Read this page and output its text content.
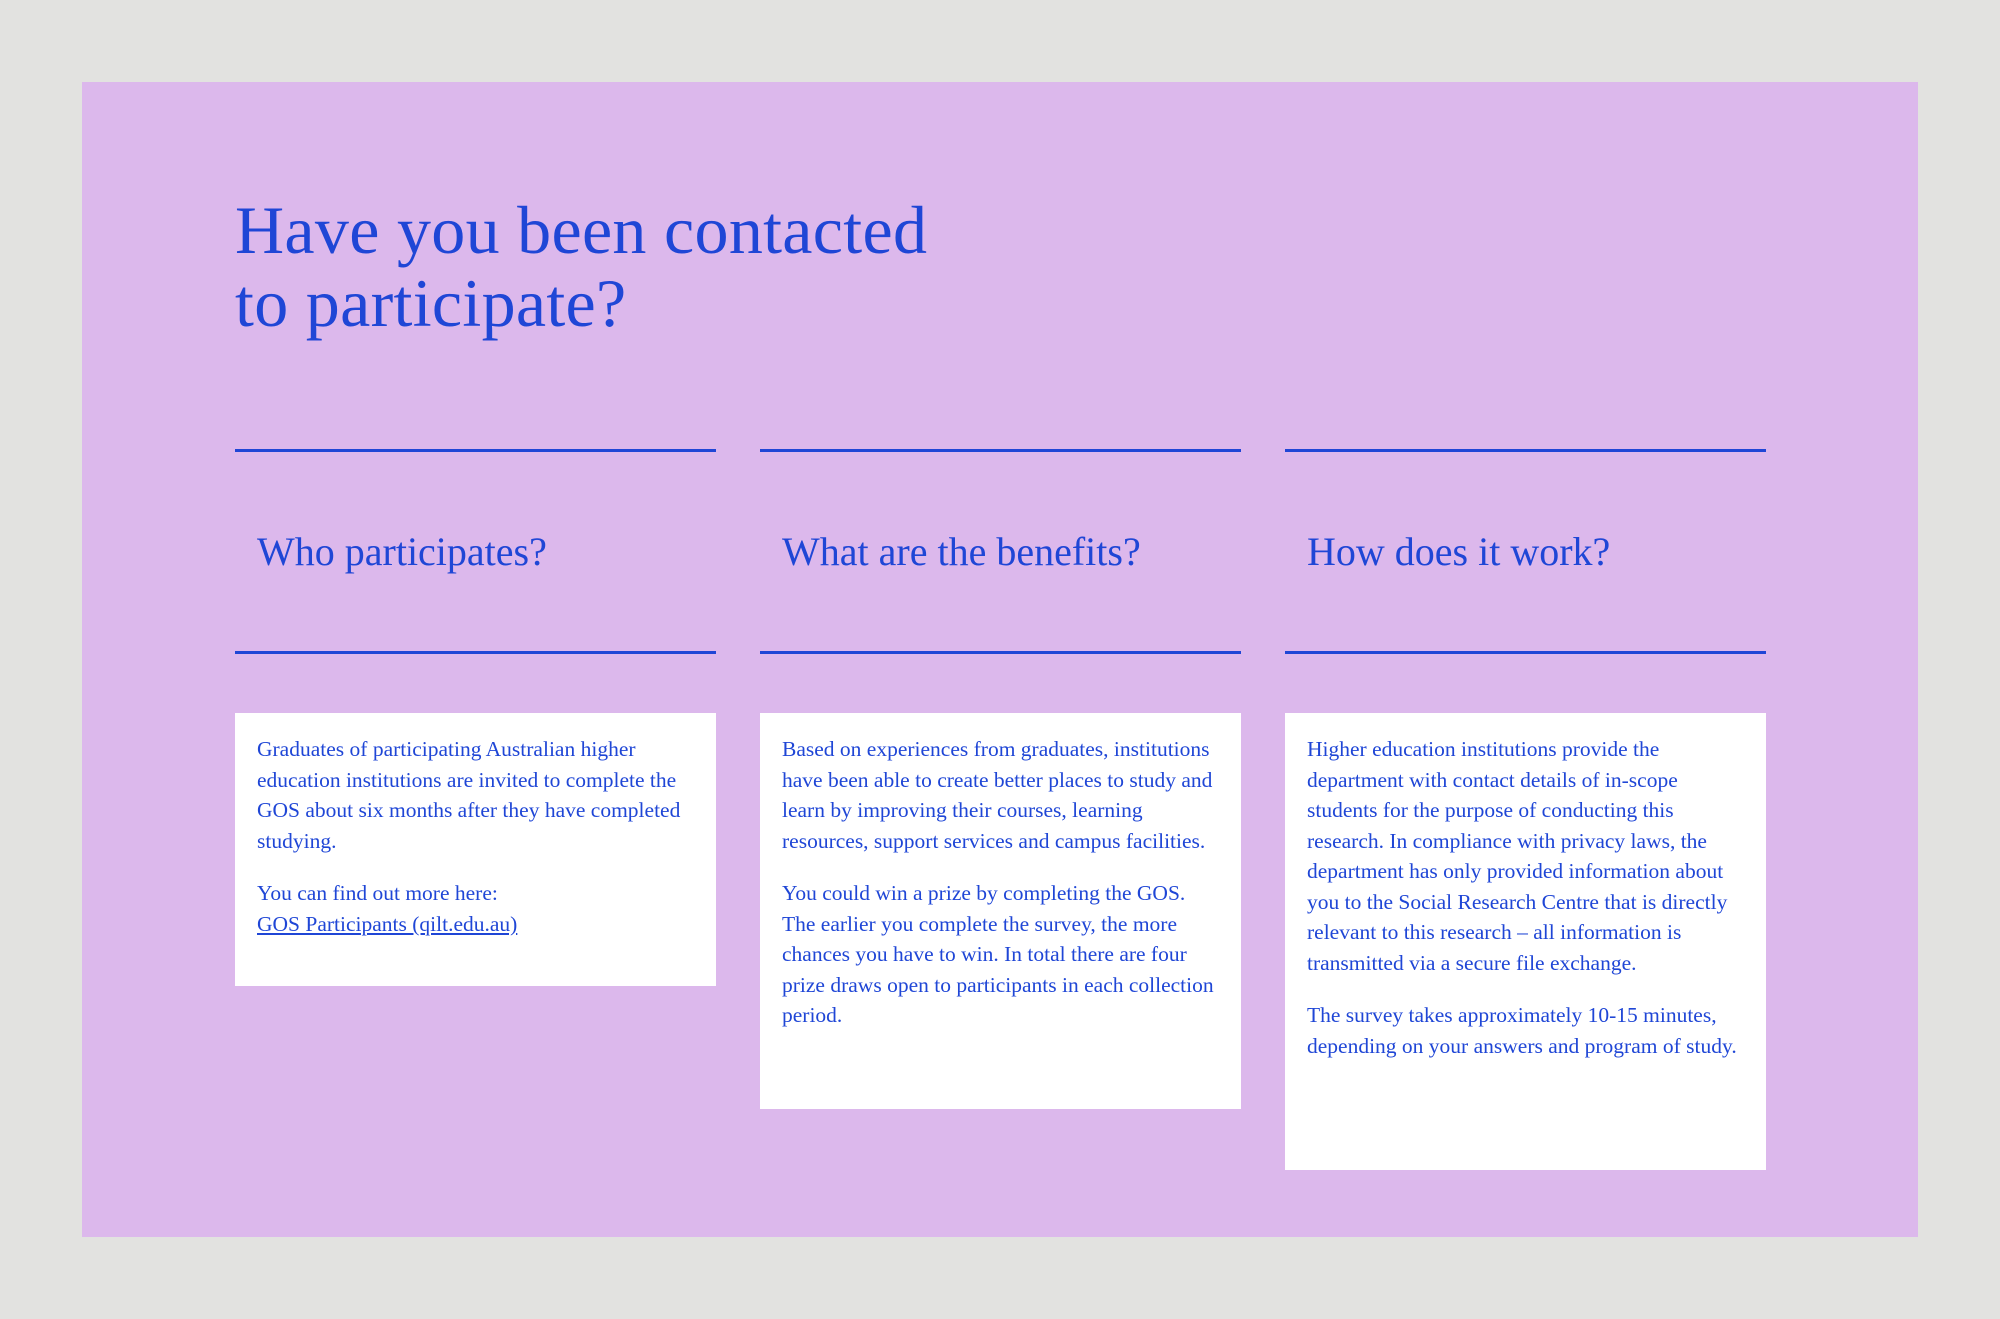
Have you been contacted
to participate?
Who participates?

Graduates of participating Australian higher education institutions are invited to complete the GOS about six months after they have completed studying.

You can find out more here:
GOS Participants (qilt.edu.au)

What are the benefits?

Based on experiences from graduates, institutions have been able to create better places to study and learn by improving their courses, learning resources, support services and campus facilities.

You could win a prize by completing the GOS. The earlier you complete the survey, the more chances you have to win. In total there are four prize draws open to participants in each collection period.

How does it work?

Higher education institutions provide the department with contact details of in-scope students for the purpose of conducting this research. In compliance with privacy laws, the department has only provided information about you to the Social Research Centre that is directly relevant to this research – all information is transmitted via a secure file exchange.

The survey takes approximately 10-15 minutes, depending on your answers and program of study.
